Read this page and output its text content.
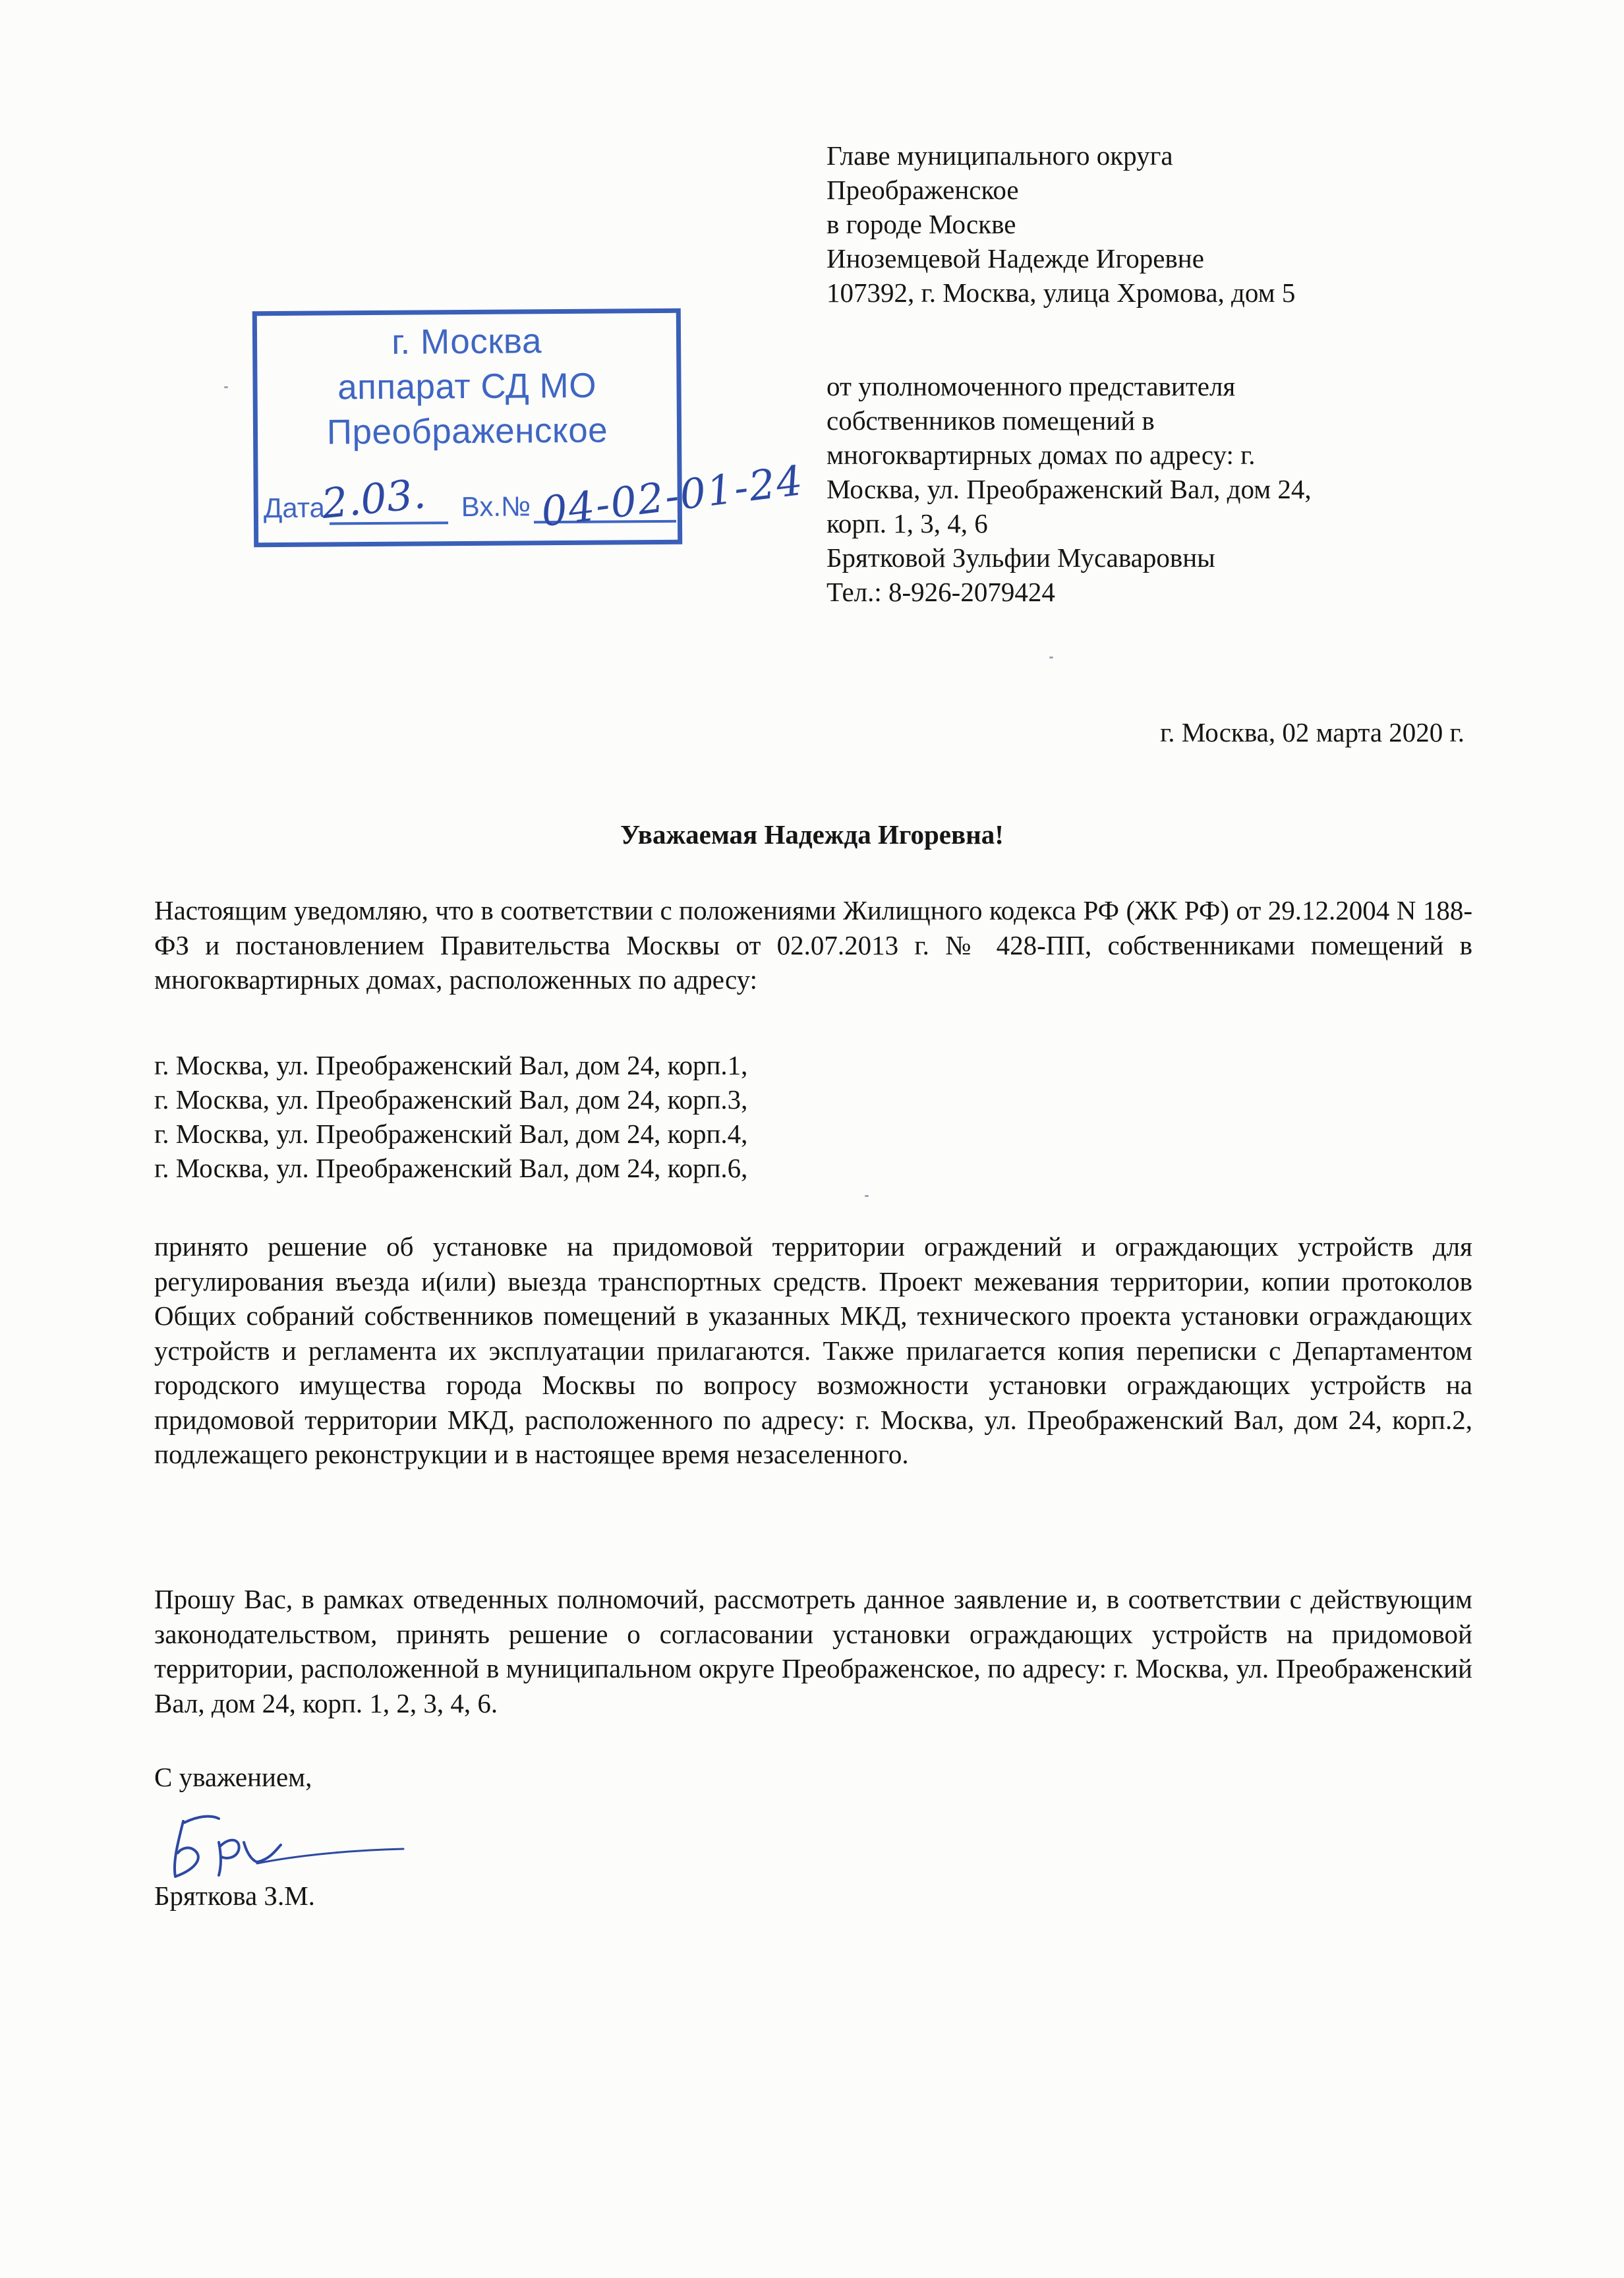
г. Москва
аппарат СД МО
Преображенское
Дата	Вх.№
2.03.	04-02-01-24
Главе муниципального округа
Преображенское
в городе Москве
Иноземцевой Надежде Игоревне
107392, г. Москва, улица Хромова, дом 5
от уполномоченного представителя
собственников помещений в
многоквартирных домах по адресу: г.
Москва, ул. Преображенский Вал, дом 24,
корп. 1, 3, 4, 6
Брятковой Зульфии Мусаваровны
Тел.: 8-926-2079424
г. Москва, 02 марта 2020 г.
Уважаемая Надежда Игоревна!
Настоящим уведомляю, что в соответствии с положениями Жилищного кодекса РФ (ЖК РФ) от 29.12.2004 N 188-ФЗ и постановлением Правительства Москвы от 02.07.2013 г. № 428-ПП, собственниками помещений в многоквартирных домах, расположенных по адресу:
г. Москва, ул. Преображенский Вал, дом 24, корп.1,
г. Москва, ул. Преображенский Вал, дом 24, корп.3,
г. Москва, ул. Преображенский Вал, дом 24, корп.4,
г. Москва, ул. Преображенский Вал, дом 24, корп.6,
принято решение об установке на придомовой территории ограждений и ограждающих устройств для регулирования въезда и(или) выезда транспортных средств. Проект межевания территории, копии протоколов Общих собраний собственников помещений в указанных МКД, технического проекта установки ограждающих устройств и регламента их эксплуатации прилагаются. Также прилагается копия переписки с Департаментом городского имущества города Москвы по вопросу возможности установки ограждающих устройств на придомовой территории МКД, расположенного по адресу: г. Москва, ул. Преображенский Вал, дом 24, корп.2, подлежащего реконструкции и в настоящее время незаселенного.
Прошу Вас, в рамках отведенных полномочий, рассмотреть данное заявление и, в соответствии с действующим законодательством, принять решение о согласовании установки ограждающих устройств на придомовой территории, расположенной в муниципальном округе Преображенское, по адресу: г. Москва, ул. Преображенский Вал, дом 24, корп. 1, 2, 3, 4, 6.
С уважением,
Бряткова З.М.
